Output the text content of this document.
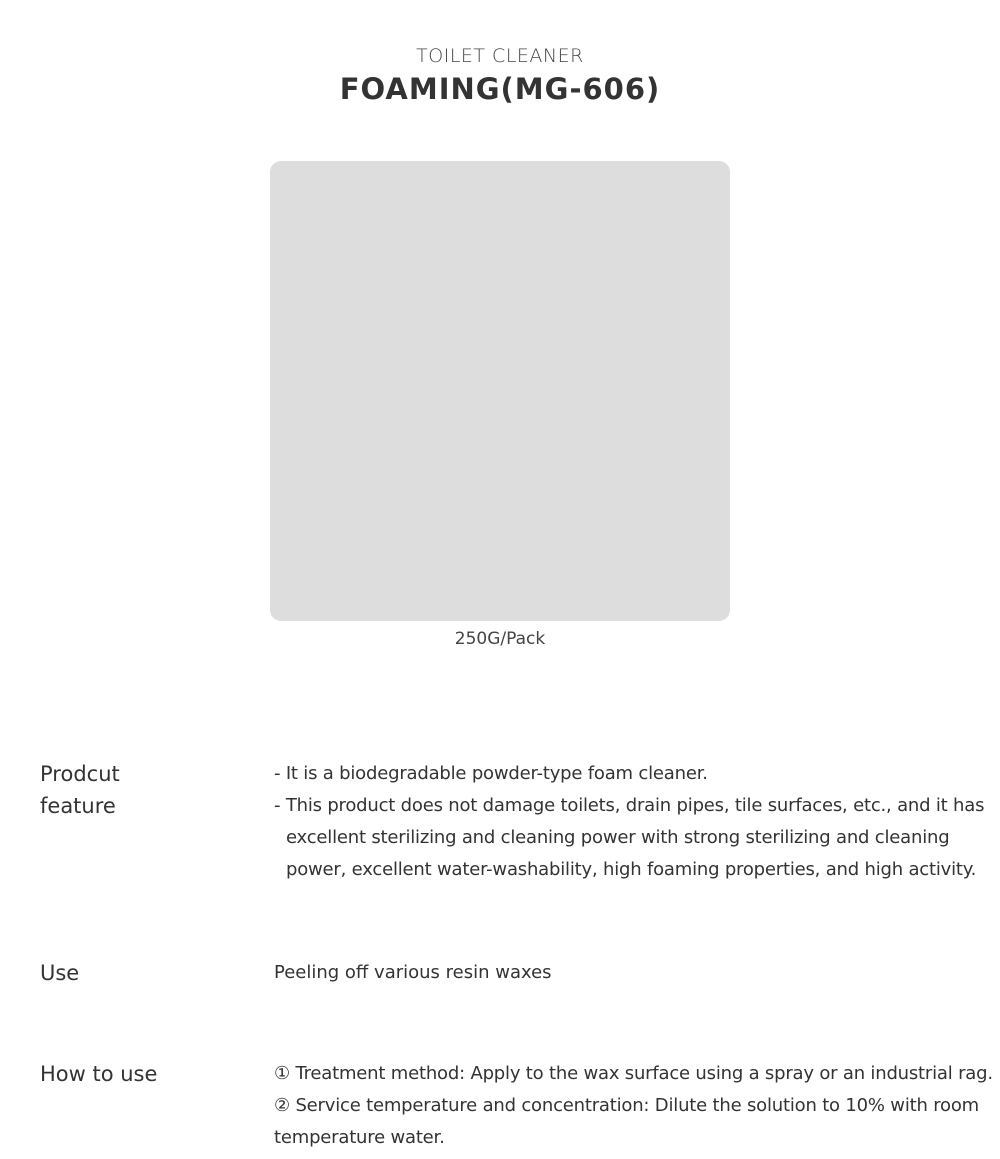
TOILET CLEANER
FOAMING(MG-606)
250G/Pack
Prodcut
feature

- It is a biodegradable powder-type foam cleaner.

- This product does not damage toilets, drain pipes, tile surfaces, etc., and it has excellent sterilizing and cleaning power with strong sterilizing and cleaning power, excellent water-washability, high foaming properties, and high activity.

Use	Peeling off various resin waxes
How to use	① Treatment method: Apply to the wax surface using a spray or an industrial rag.

② Service temperature and concentration: Dilute the solution to 10% with room temperature water.
